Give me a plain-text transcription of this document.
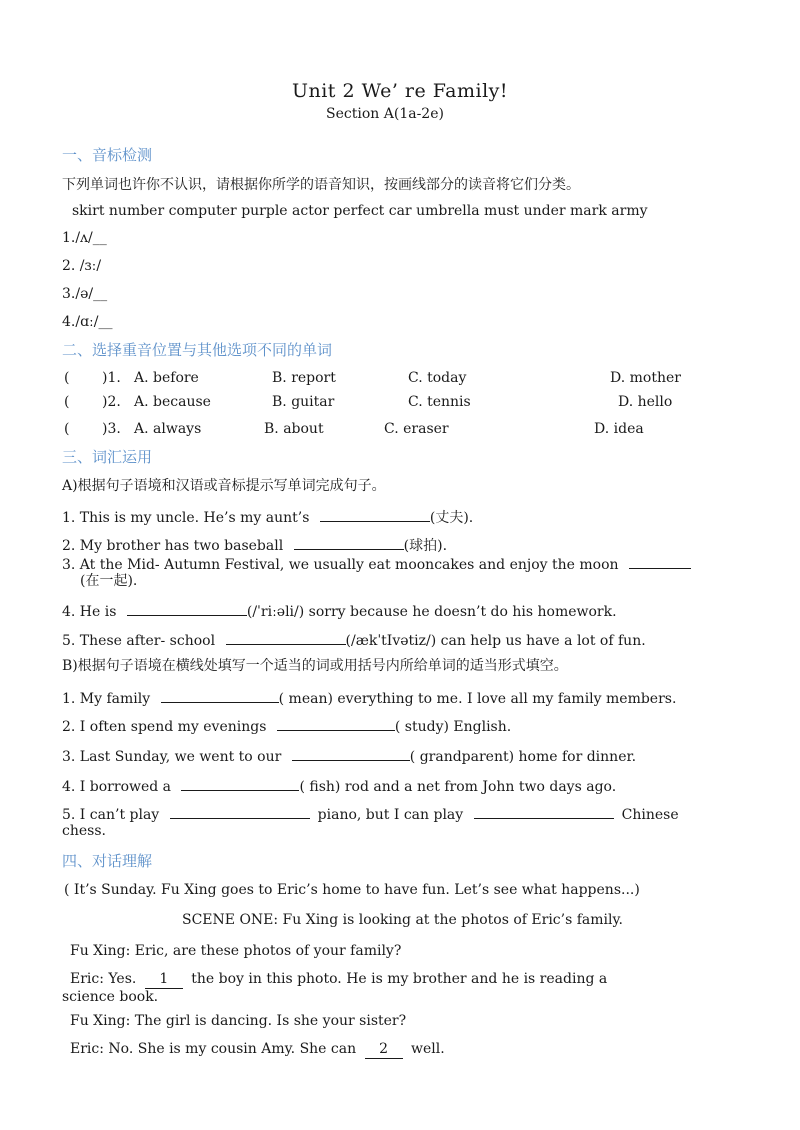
Unit 2 We’ re Family!
Section A(1a-2e)
一、音标检测
下列单词也许你不认识，请根据你所学的语音知识，按画线部分的读音将它们分类。
skirt number computer purple actor perfect car umbrella must under mark army
1./ʌ/__
2. /ɜː/
3./ə/__
4./ɑː/__
二、选择重音位置与其他选项不同的单词
( )1. A. before	B. report	C. today	D. mother
( )2. A. because	B. guitar	C. tennis	D. hello
( )3. A. always	B. about	C. eraser	D. idea
三、词汇运用
A)根据句子语境和汉语或音标提示写单词完成句子。
1. This is my uncle. He’s my aunt’s	(丈夫).
2. My brother has two baseball	(球拍).
3. At the Mid- Autumn Festival, we usually eat mooncakes and enjoy the moon
(在一起).
4. He is	(/ˈriːəli/) sorry because he doesn’t do his homework.
5. These after- school	(/ækˈtIvətiz/) can help us have a lot of fun.
B)根据句子语境在横线处填写一个适当的词或用括号内所给单词的适当形式填空。
1. My family	( mean) everything to me. I love all my family members.
2. I often spend my evenings	( study) English.
3. Last Sunday, we went to our	( grandparent) home for dinner.
4. I borrowed a	( fish) rod and a net from John two days ago.
5. I can’t play	piano, but I can play	Chinese
chess.
四、对话理解
( It’s Sunday. Fu Xing goes to Eric’s home to have fun. Let’s see what happens...)
SCENE ONE: Fu Xing is looking at the photos of Eric’s family.
Fu Xing: Eric, are these photos of your family?
Eric: Yes. 1 the boy in this photo. He is my brother and he is reading a
science book.
Fu Xing: The girl is dancing. Is she your sister?
Eric: No. She is my cousin Amy. She can 2 well.
